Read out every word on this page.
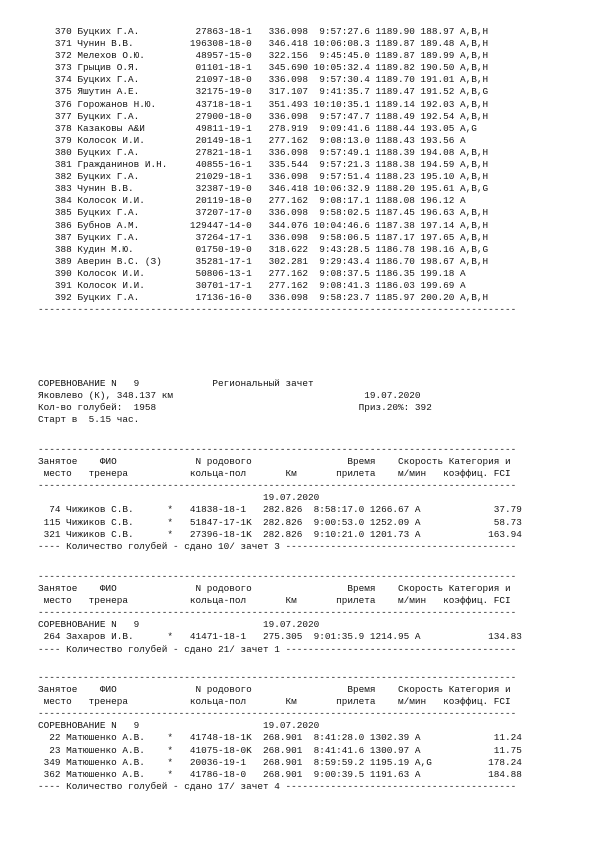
370 Буцких Г.А.          27863-18-1   336.098  9:57:27.6 1189.90 188.97 A,B,H
371 Чунин В.В.          196308-18-0   346.418 10:06:08.3 1189.87 189.48 A,B,H
372 Мелехов О.Ю.         48957-15-0   322.156  9:45:45.0 1189.87 189.99 A,B,H
373 Грыцив О.Я.          01101-18-1   345.690 10:05:32.4 1189.82 190.50 A,B,H
374 Буцких Г.А.          21097-18-0   336.098  9:57:30.4 1189.70 191.01 A,B,H
375 Яшутин А.Е.          32175-19-0   317.107  9:41:35.7 1189.47 191.52 A,B,G
376 Горожанов Н.Ю.       43718-18-1   351.493 10:10:35.1 1189.14 192.03 A,B,H
377 Буцких Г.А.          27900-18-0   336.098  9:57:47.7 1188.49 192.54 A,B,H
378 Казаковы А&И         49811-19-1   278.919  9:09:41.6 1188.44 193.05 A,G
379 Колосок И.И.         20149-18-1   277.162  9:08:13.0 1188.43 193.56 A
380 Буцких Г.А.          27821-18-1   336.098  9:57:49.1 1188.39 194.08 A,B,H
381 Гражданинов И.Н.     40855-16-1   335.544  9:57:21.3 1188.38 194.59 A,B,H
382 Буцких Г.А.          21029-18-1   336.098  9:57:51.4 1188.23 195.10 A,B,H
383 Чунин В.В.           32387-19-0   346.418 10:06:32.9 1188.20 195.61 A,B,G
384 Колосок И.И.         20119-18-0   277.162  9:08:17.1 1188.08 196.12 A
385 Буцких Г.А.          37207-17-0   336.098  9:58:02.5 1187.45 196.63 A,B,H
386 Бубнов А.М.         129447-14-0   344.076 10:04:46.6 1187.38 197.14 A,B,H
387 Буцких Г.А.          37264-17-1   336.098  9:58:06.5 1187.17 197.65 A,B,H
388 Кудин М.Ю.           01750-19-0   318.622  9:43:28.5 1186.78 198.16 A,B,G
389 Аверин В.С. (З)      35281-17-1   302.281  9:29:43.4 1186.70 198.67 A,B,H
390 Колосок И.И.         50806-13-1   277.162  9:08:37.5 1186.35 199.18 A
391 Колосок И.И.         30701-17-1   277.162  9:08:41.3 1186.03 199.69 A
392 Буцких Г.А.          17136-16-0   336.098  9:58:23.7 1185.97 200.20 A,B,H
-------------------------------------------------------------------------------------
СОРЕВНОВАНИЕ N   9             Региональный зачет
Яковлево (К), 348.137 км                                  19.07.2020
Кол-во голубей:  1958                                    Приз.20%: 392
Старт в  5.15 час.
-------------------------------------------------------------------------------------
Занятое    ФИО              N родового                 Время    Скорость Категория и
место   тренера           кольца-пол       Км       прилета    м/мин   коэффиц. FCI
-------------------------------------------------------------------------------------
19.07.2020
74 Чижиков С.В.      *   41838-18-1   282.826  8:58:17.0 1266.67 A             37.79
115 Чижиков С.В.      *   51847-17-1K  282.826  9:00:53.0 1252.09 A             58.73
321 Чижиков С.В.      *   27396-18-1K  282.826  9:10:21.0 1201.73 A            163.94
---- Количество голубей - сдано 10/ зачет 3 -----------------------------------------
-------------------------------------------------------------------------------------
Занятое    ФИО              N родового                 Время    Скорость Категория и
место   тренера           кольца-пол       Км       прилета    м/мин   коэффиц. FCI
-------------------------------------------------------------------------------------
СОРЕВНОВАНИЕ N   9                      19.07.2020
264 Захаров И.В.      *   41471-18-1   275.305  9:01:35.9 1214.95 A            134.83
---- Количество голубей - сдано 21/ зачет 1 -----------------------------------------
-------------------------------------------------------------------------------------
Занятое    ФИО              N родового                 Время    Скорость Категория и
место   тренера           кольца-пол       Км       прилета    м/мин   коэффиц. FCI
-------------------------------------------------------------------------------------
СОРЕВНОВАНИЕ N   9                      19.07.2020
22 Матюшенко А.В.    *   41748-18-1K  268.901  8:41:28.0 1302.39 A             11.24
23 Матюшенко А.В.    *   41075-18-0K  268.901  8:41:41.6 1300.97 A             11.75
349 Матюшенко А.В.    *   20036-19-1   268.901  8:59:59.2 1195.19 A,G          178.24
362 Матюшенко А.В.    *   41786-18-0   268.901  9:00:39.5 1191.63 A            184.88
---- Количество голубей - сдано 17/ зачет 4 -----------------------------------------
